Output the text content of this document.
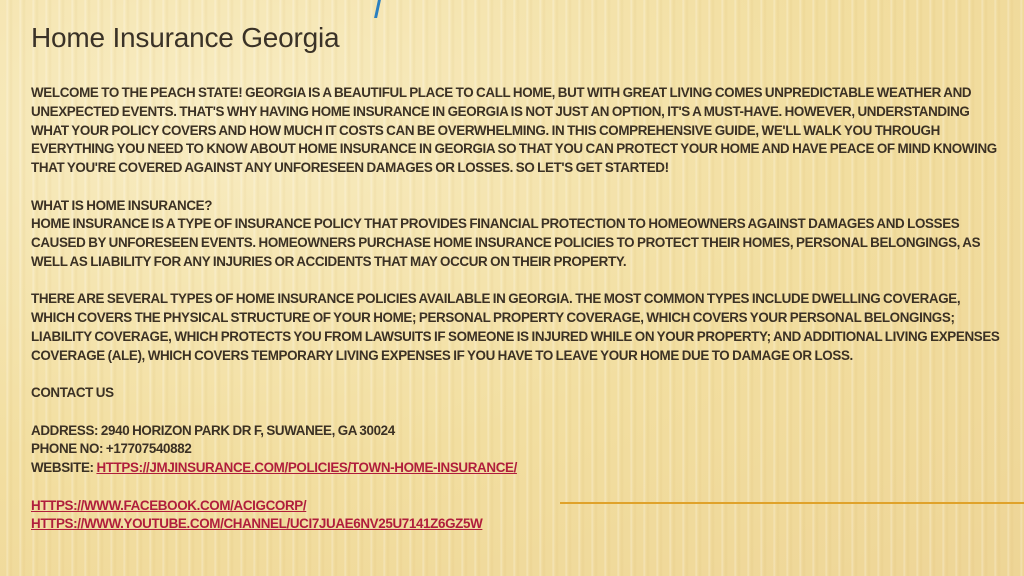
Home Insurance Georgia

WELCOME TO THE PEACH STATE! GEORGIA IS A BEAUTIFUL PLACE TO CALL HOME, BUT WITH GREAT LIVING COMES UNPREDICTABLE WEATHER AND UNEXPECTED EVENTS. THAT'S WHY HAVING HOME INSURANCE IN GEORGIA IS NOT JUST AN OPTION, IT'S A MUST-HAVE. HOWEVER, UNDERSTANDING WHAT YOUR POLICY COVERS AND HOW MUCH IT COSTS CAN BE OVERWHELMING. IN THIS COMPREHENSIVE GUIDE, WE'LL WALK YOU THROUGH EVERYTHING YOU NEED TO KNOW ABOUT HOME INSURANCE IN GEORGIA SO THAT YOU CAN PROTECT YOUR HOME AND HAVE PEACE OF MIND KNOWING THAT YOU'RE COVERED AGAINST ANY UNFORESEEN DAMAGES OR LOSSES. SO LET'S GET STARTED!

WHAT IS HOME INSURANCE?

HOME INSURANCE IS A TYPE OF INSURANCE POLICY THAT PROVIDES FINANCIAL PROTECTION TO HOMEOWNERS AGAINST DAMAGES AND LOSSES CAUSED BY UNFORESEEN EVENTS. HOMEOWNERS PURCHASE HOME INSURANCE POLICIES TO PROTECT THEIR HOMES, PERSONAL BELONGINGS, AS WELL AS LIABILITY FOR ANY INJURIES OR ACCIDENTS THAT MAY OCCUR ON THEIR PROPERTY.

THERE ARE SEVERAL TYPES OF HOME INSURANCE POLICIES AVAILABLE IN GEORGIA. THE MOST COMMON TYPES INCLUDE DWELLING COVERAGE, WHICH COVERS THE PHYSICAL STRUCTURE OF YOUR HOME; PERSONAL PROPERTY COVERAGE, WHICH COVERS YOUR PERSONAL BELONGINGS; LIABILITY COVERAGE, WHICH PROTECTS YOU FROM LAWSUITS IF SOMEONE IS INJURED WHILE ON YOUR PROPERTY; AND ADDITIONAL LIVING EXPENSES COVERAGE (ALE), WHICH COVERS TEMPORARY LIVING EXPENSES IF YOU HAVE TO LEAVE YOUR HOME DUE TO DAMAGE OR LOSS.

CONTACT US

ADDRESS: 2940 HORIZON PARK DR F, SUWANEE, GA 30024

PHONE NO: +17707540882

WEBSITE: HTTPS://JMJINSURANCE.COM/POLICIES/TOWN-HOME-INSURANCE/

HTTPS://WWW.FACEBOOK.COM/ACIGCORP/

HTTPS://WWW.YOUTUBE.COM/CHANNEL/UCI7JUAE6NV25U7141Z6GZ5W
